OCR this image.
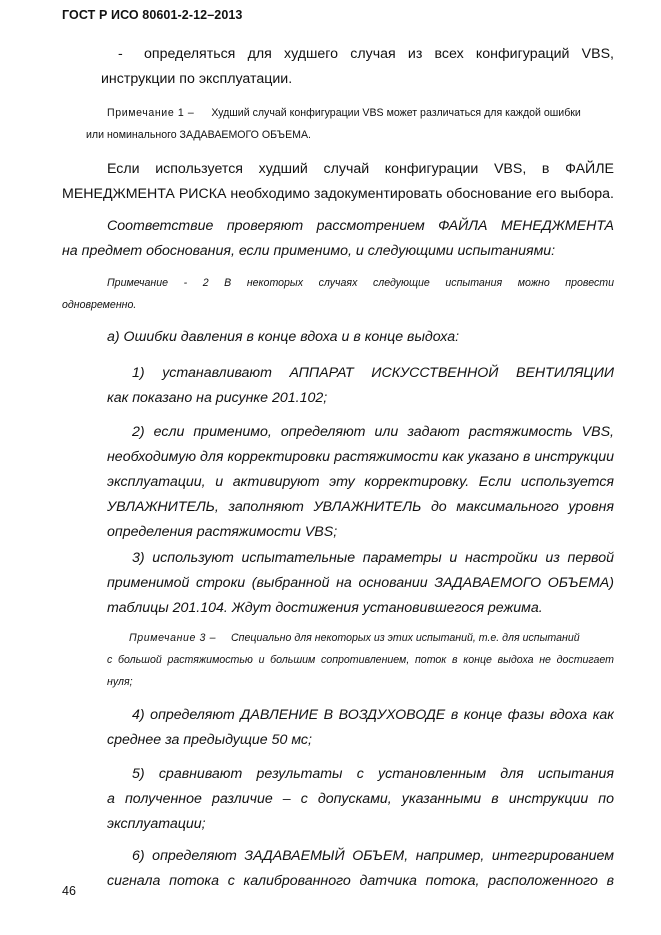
ГОСТ Р ИСО 80601-2-12–2013
- определяться для худшего случая из всех конфигураций VBS,
инструкции по эксплуатации.
Примечание 1 – Худший случай конфигурации VBS может различаться для каждой ошибки
или номинального ЗАДАВАЕМОГО ОБЪЕМА.
Если используется худший случай конфигурации VBS, в ФАЙЛЕ
МЕНЕДЖМЕНТА РИСКА необходимо задокументировать обоснование его выбора.
Соответствие проверяют рассмотрением ФАЙЛА МЕНЕДЖМЕНТА
на предмет обоснования, если применимо, и следующими испытаниями:
Примечание - 2 В некоторых случаях следующие испытания можно провести
одновременно.
а) Ошибки давления в конце вдоха и в конце выдоха:
1) устанавливают АППАРАТ ИСКУССТВЕННОЙ ВЕНТИЛЯЦИИ
как показано на рисунке 201.102;
2) если применимо, определяют или задают растяжимость VBS,
необходимую для корректировки растяжимости как указано в инструкции
эксплуатации, и активируют эту корректировку. Если используется
УВЛАЖНИТЕЛЬ, заполняют УВЛАЖНИТЕЛЬ до максимального уровня
определения растяжимости VBS;
3) используют испытательные параметры и настройки из первой
применимой строки (выбранной на основании ЗАДАВАЕМОГО ОБЪЕМА)
таблицы 201.104. Ждут достижения установившегося режима.
Примечание 3 – Специально для некоторых из этих испытаний, т.е. для испытаний
с большой растяжимостью и большим сопротивлением, поток в конце выдоха не достигает
нуля;
4) определяют ДАВЛЕНИЕ В ВОЗДУХОВОДЕ в конце фазы вдоха как
среднее за предыдущие 50 мс;
5) сравнивают результаты с установленным для испытания
а полученное различие – с допусками, указанными в инструкции по
эксплуатации;
6) определяют ЗАДАВАЕМЫЙ ОБЪЕМ, например, интегрированием
сигнала потока с калиброванного датчика потока, расположенного в
46
